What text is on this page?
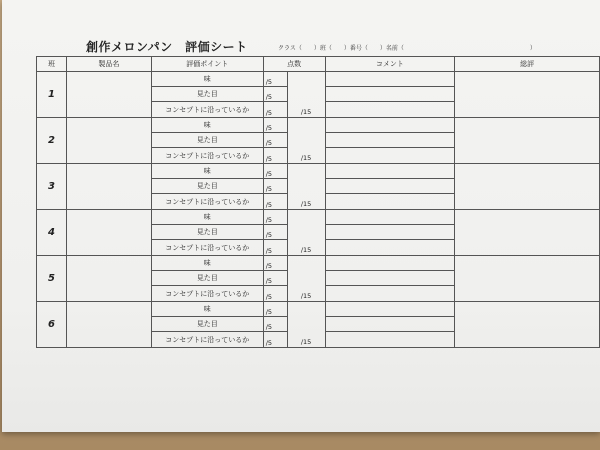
創作メロンパン　評価シート	クラス（　　）班（　　）番号（　　）名前（　　　　　　　　　　　　　　　　　　　　　）
班	製品名	評価ポイント	点数		コメント	総評
1		味	/5	/15		
		見た目	/5			
		コンセプトに沿っているか	/5			
2		味	/5	/15		
		見た目	/5			
		コンセプトに沿っているか	/5			
3		味	/5	/15		
		見た目	/5			
		コンセプトに沿っているか	/5			
4		味	/5	/15		
		見た目	/5			
		コンセプトに沿っているか	/5			
5		味	/5	/15		
		見た目	/5			
		コンセプトに沿っているか	/5			
6		味	/5	/15		
		見た目	/5			
		コンセプトに沿っているか	/5			
